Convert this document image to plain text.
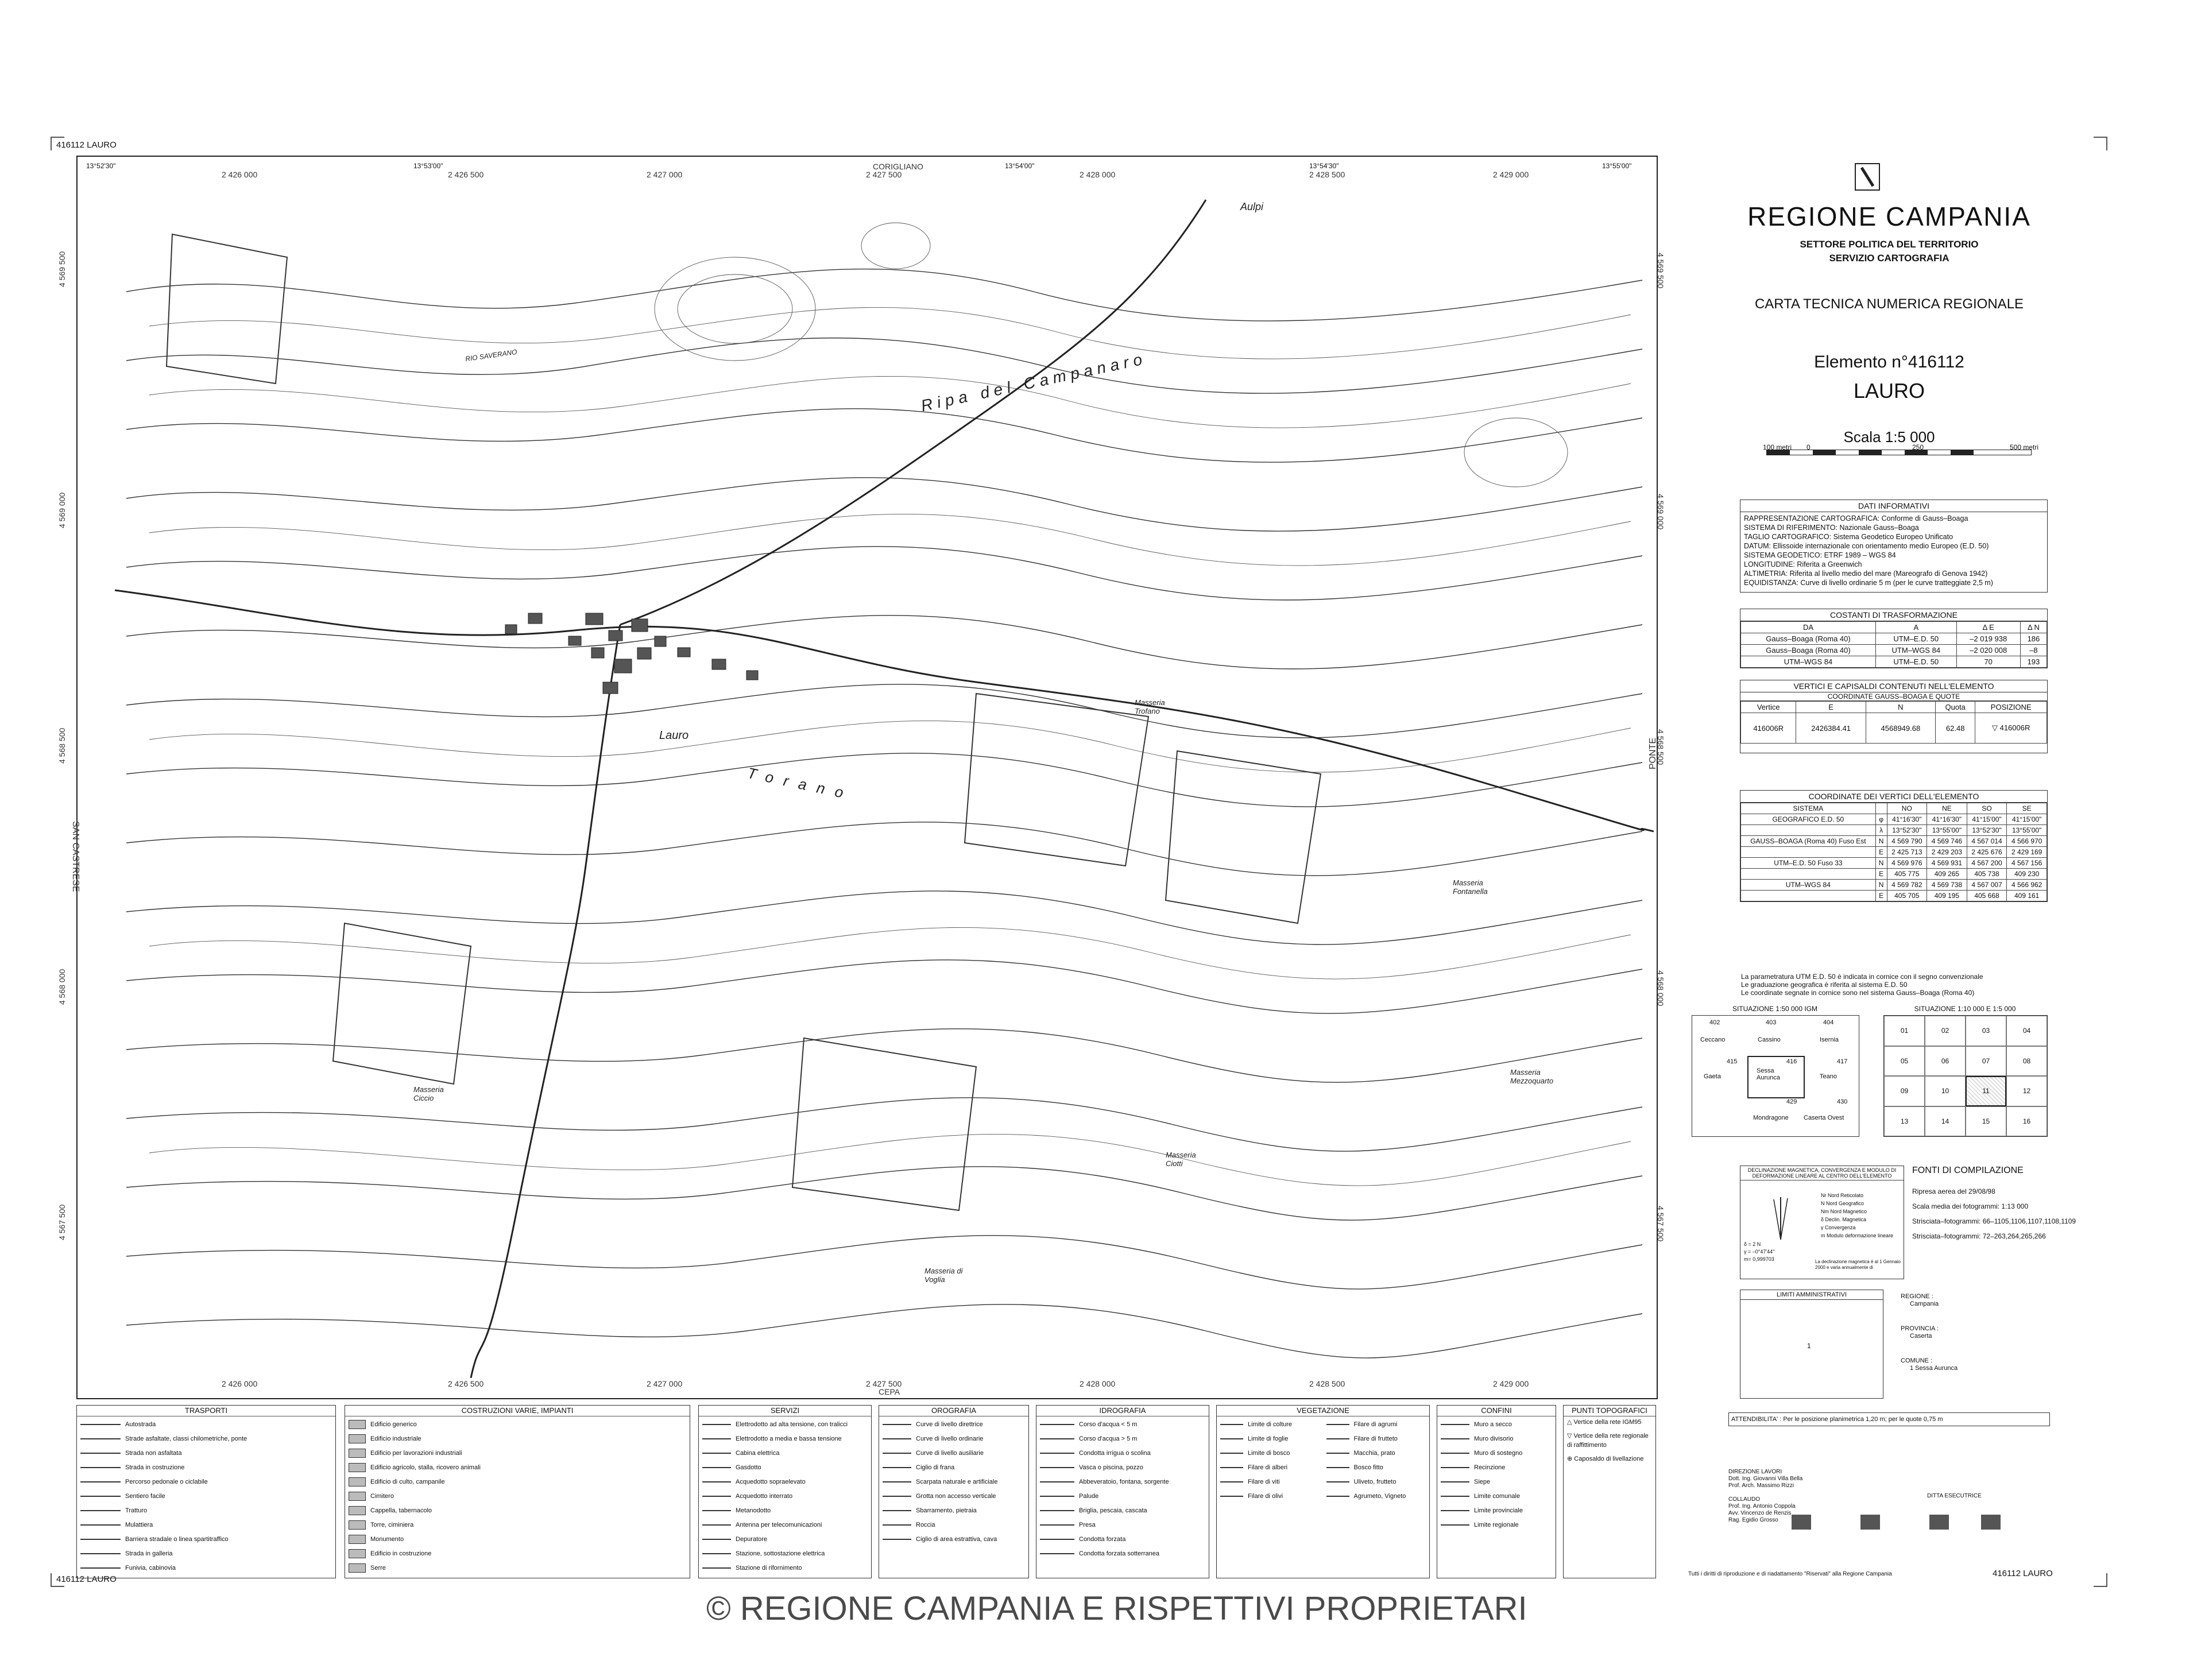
416112 LAURO
416112 LAURO
2 426 000	2 426 500	2 427 000
CORIGLIANO
2 427 500	2 428 000	2 428 500	2 429 000
13°52'30"	13°53'00"	13°54'00"	13°54'30"	13°55'00"
2 426 000	2 426 500	2 427 000
CEPA
2 427 500	2 428 000	2 428 500	2 429 000
4 569 500
4 569 000
4 568 500
4 568 000
4 567 500
SAN CASTRESE
4 569 500
4 569 000
4 568 500
4 568 000
4 567 500
PONTE
Lauro
Aulpi
Ripa del Campanaro
Torano
RIO SAVERANO
Masseria Trofano
Masseria Fontanella
Masseria Mezzoquarto
Masseria Ciccio
Masseria Ciotti
Masseria di Voglia
REGIONE CAMPANIA
SETTORE POLITICA DEL TERRITORIO
SERVIZIO CARTOGRAFIA
CARTA TECNICA NUMERICA REGIONALE
Elemento n°416112
LAURO
Scala 1:5 000
100 metri 0	250	500 metri
DATI INFORMATIVI
RAPPRESENTAZIONE CARTOGRAFICA: Conforme di Gauss–Boaga
SISTEMA DI RIFERIMENTO: Nazionale Gauss–Boaga
TAGLIO CARTOGRAFICO: Sistema Geodetico Europeo Unificato
DATUM: Ellissoide internazionale con orientamento medio Europeo (E.D. 50)
SISTEMA GEODETICO: ETRF 1989 – WGS 84
LONGITUDINE: Riferita a Greenwich
ALTIMETRIA: Riferita al livello medio del mare (Mareografo di Genova 1942)
EQUIDISTANZA: Curve di livello ordinarie 5 m (per le curve tratteggiate 2,5 m)
COSTANTI DI TRASFORMAZIONE
DA	A	Δ E	Δ N
Gauss–Boaga (Roma 40)	UTM–E.D. 50	–2 019 938	186
Gauss–Boaga (Roma 40)	UTM–WGS 84	–2 020 008	–8
UTM–WGS 84	UTM–E.D. 50	70	193
VERTICI E CAPISALDI CONTENUTI NELL'ELEMENTO
COORDINATE GAUSS–BOAGA E QUOTE
Vertice	E	N	Quota	POSIZIONE
416006R	2426384.41	4568949.68	62.48	▽ 416006R
COORDINATE DEI VERTICI DELL'ELEMENTO
SISTEMA		NO	NE	SO	SE
GEOGRAFICO E.D. 50	φ	41°16'30"	41°16'30"	41°15'00"	41°15'00"
	λ	13°52'30"	13°55'00"	13°52'30"	13°55'00"
GAUSS–BOAGA (Roma 40) Fuso Est	N	4 569 790	4 569 746	4 567 014	4 566 970
	E	2 425 713	2 429 203	2 425 676	2 429 169
UTM–E.D. 50 Fuso 33	N	4 569 976	4 569 931	4 567 200	4 567 156
	E	405 775	409 265	405 738	409 230
UTM–WGS 84	N	4 569 782	4 569 738	4 567 007	4 566 962
	E	405 705	409 195	405 668	409 161
La parametratura UTM E.D. 50 è indicata in cornice con il segno convenzionale
Le graduazione geografica è riferita al sistema E.D. 50
Le coordinate segnate in cornice sono nel sistema Gauss–Boaga (Roma 40)
SITUAZIONE 1:50 000 IGM
402	403	404
Ceccano	Cassino	Isernia
415	416	417
Gaeta
Sessa Aurunca	Teano
429	430
Mondragone Caserta Ovest
SITUAZIONE 1:10 000 E 1:5 000
01	02	03	04
05	06	07	08
09	10	11	12
13	14	15	16
DECLINAZIONE MAGNETICA, CONVERGENZA E MODULO DI DEFORMAZIONE LINEARE AL CENTRO DELL'ELEMENTO
Nr Nord Reticolato
N Nord Geografico
Nm Nord Magnetico
δ Declin. Magnetica
γ Convergenza
m Modulo deformazione lineare
δ = 2 N
γ = –0°47'44"
m= 0,999703	La declinazione magnetica è al 1 Gennaio 2000 e varia annualmente di
FONTI DI COMPILAZIONE
Ripresa aerea del 29/08/98
Scala media dei fotogrammi: 1:13 000
Strisciata–fotogrammi: 66–1105,1106,1107,1108,1109
Strisciata–fotogrammi: 72–263,264,265,266
LIMITI AMMINISTRATIVI
1
REGIONE :
Campania
PROVINCIA :
Caserta
COMUNE :
1 Sessa Aurunca
ATTENDIBILITA' : Per le posizione planimetrica 1,20 m; per le quote 0,75 m
DIREZIONE LAVORI
Dott. Ing. Giovanni Villa Bella
Prof. Arch. Massimo Rizzi
COLLAUDO
Prof. Ing. Antonio Coppola
Avv. Vincenzo de Renzis
Rag. Egidio Grosso
DITTA ESECUTRICE
Tutti i diritti di riproduzione e di riadattamento "Riservati" alla Regione Campania	416112 LAURO
TRASPORTI
Autostrada
Strade asfaltate, classi chilometriche, ponte
Strada non asfaltata
Strada in costruzione
Percorso pedonale o ciclabile
Sentiero facile
Tratturo
Mulattiera
Barriera stradale o linea spartitraffico
Strada in galleria
Funivia, cabinovia
COSTRUZIONI VARIE, IMPIANTI
Edificio generico
Edificio industriale
Edificio per lavorazioni industriali
Edificio agricolo, stalla, ricovero animali
Edificio di culto, campanile
Cimitero
Cappella, tabernacolo
Torre, ciminiera
Monumento
Edificio in costruzione
Serre
SERVIZI
Elettrodotto ad alta tensione, con tralicci
Elettrodotto a media e bassa tensione
Cabina elettrica
Gasdotto
Acquedotto sopraelevato
Acquedotto interrato
Metanodotto
Antenna per telecomunicazioni
Depuratore
Stazione, sottostazione elettrica
Stazione di rifornimento
OROGRAFIA
Curve di livello direttrice
Curve di livello ordinarie
Curve di livello ausiliarie
Ciglio di frana
Scarpata naturale e artificiale
Grotta non accesso verticale
Sbarramento, pietraia
Roccia
Ciglio di area estrattiva, cava
IDROGRAFIA
Corso d'acqua < 5 m
Corso d'acqua > 5 m
Condotta irrigua o scolina
Vasca o piscina, pozzo
Abbeveratoio, fontana, sorgente
Palude
Briglia, pescaia, cascata
Presa
Condotta forzata
Condotta forzata sotterranea
VEGETAZIONE
Limite di colture
Limite di foglie
Limite di bosco
Filare di alberi
Filare di viti
Filare di olivi
Filare di agrumi
Filare di frutteto
Macchia, prato
Bosco fitto
Uliveto, frutteto
Agrumeto, Vigneto
CONFINI
Muro a secco
Muro divisorio
Muro di sostegno
Recinzione
Siepe
Limite comunale
Limite provinciale
Limite regionale
PUNTI TOPOGRAFICI
△ Vertice della rete IGM95
▽ Vertice della rete regionale di raffittimento
⊕ Caposaldo di livellazione
© REGIONE CAMPANIA E RISPETTIVI PROPRIETARI
